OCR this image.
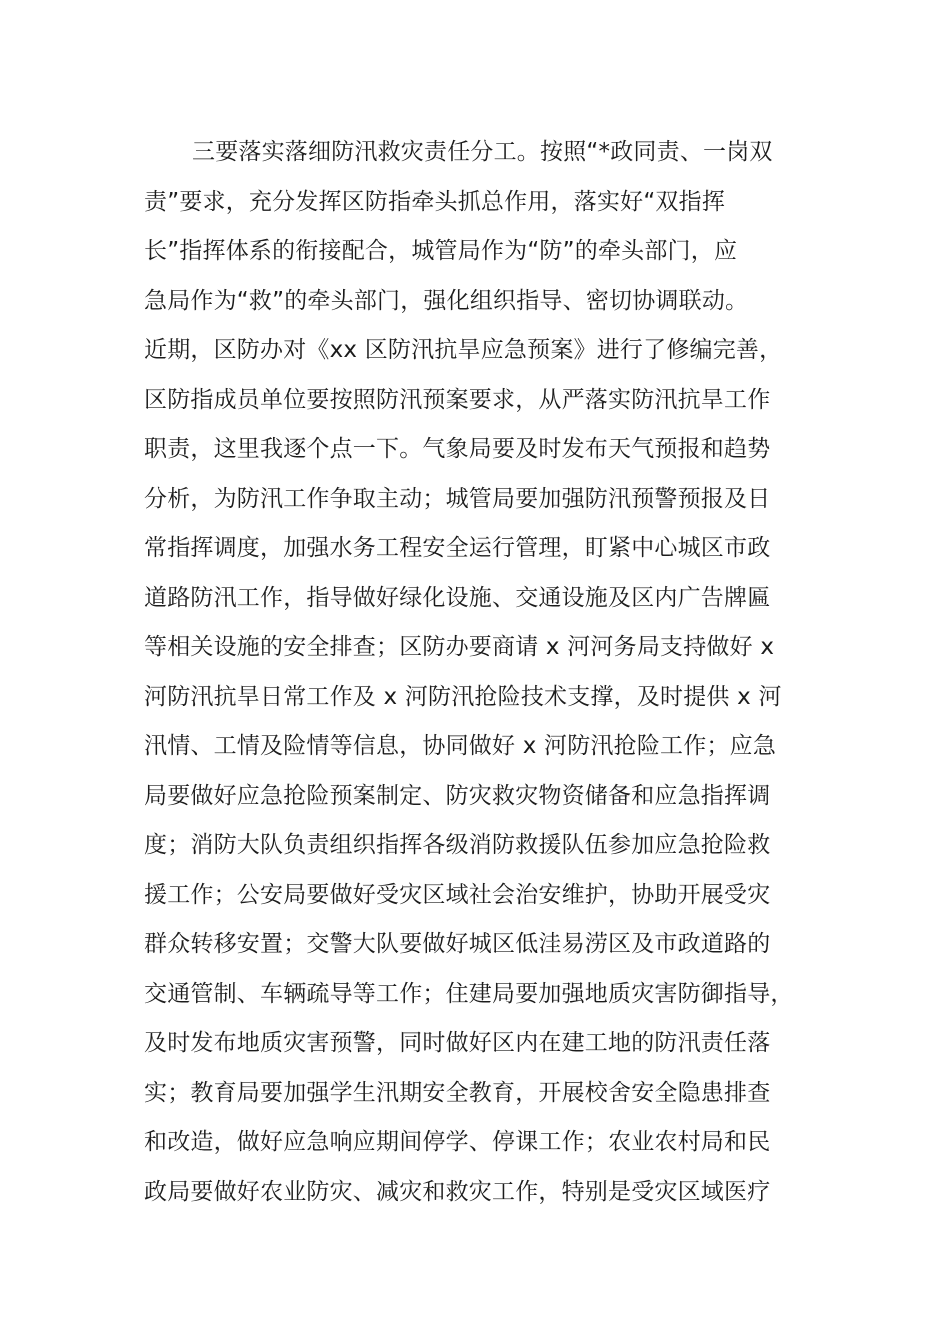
三要落实落细防汛救灾责任分工。按照“*政同责、一岗双
责”要求，充分发挥区防指牵头抓总作用，落实好“双指挥
长”指挥体系的衔接配合，城管局作为“防”的牵头部门，应
急局作为“救”的牵头部门，强化组织指导、密切协调联动。
近期，区防办对《xx 区防汛抗旱应急预案》进行了修编完善，
区防指成员单位要按照防汛预案要求，从严落实防汛抗旱工作
职责，这里我逐个点一下。气象局要及时发布天气预报和趋势
分析，为防汛工作争取主动；城管局要加强防汛预警预报及日
常指挥调度，加强水务工程安全运行管理，盯紧中心城区市政
道路防汛工作，指导做好绿化设施、交通设施及区内广告牌匾
等相关设施的安全排查；区防办要商请 x 河河务局支持做好 x
河防汛抗旱日常工作及 x 河防汛抢险技术支撑，及时提供 x 河
汛情、工情及险情等信息，协同做好 x 河防汛抢险工作；应急
局要做好应急抢险预案制定、防灾救灾物资储备和应急指挥调
度；消防大队负责组织指挥各级消防救援队伍参加应急抢险救
援工作；公安局要做好受灾区域社会治安维护，协助开展受灾
群众转移安置；交警大队要做好城区低洼易涝区及市政道路的
交通管制、车辆疏导等工作；住建局要加强地质灾害防御指导，
及时发布地质灾害预警，同时做好区内在建工地的防汛责任落
实；教育局要加强学生汛期安全教育，开展校舍安全隐患排查
和改造，做好应急响应期间停学、停课工作；农业农村局和民
政局要做好农业防灾、减灾和救灾工作，特别是受灾区域医疗
